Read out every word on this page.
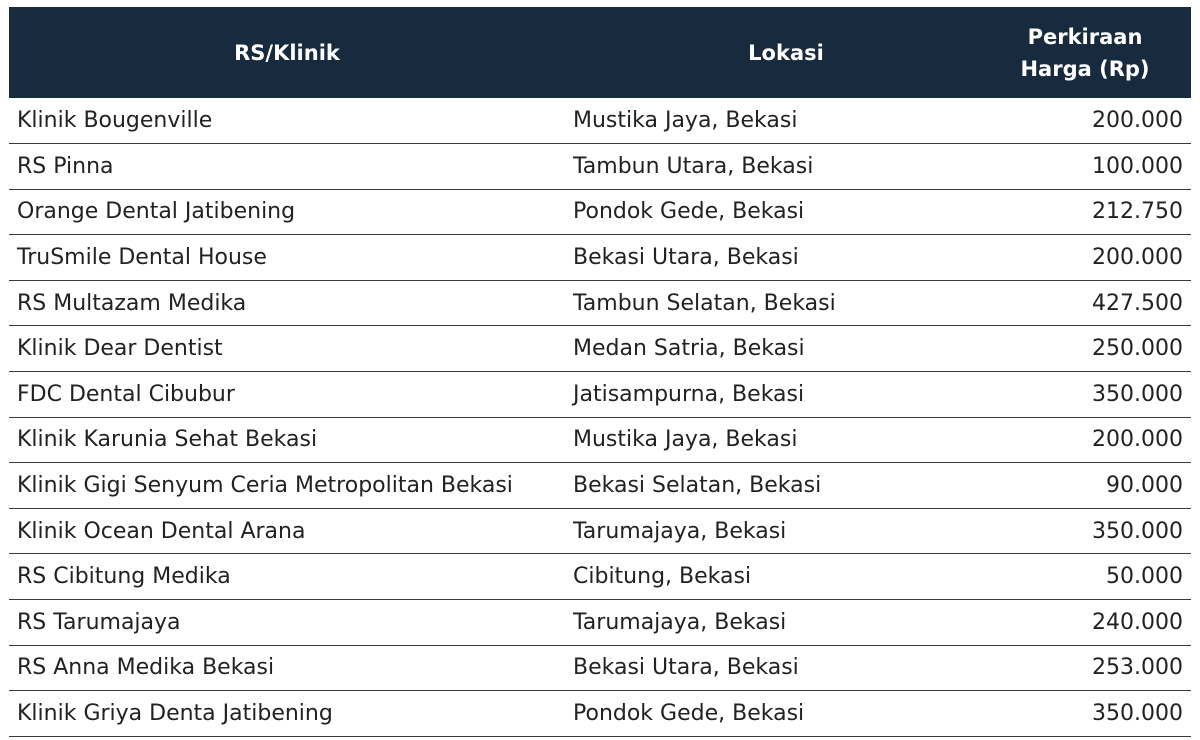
RS/Klinik	Lokasi	Perkiraan
Harga (Rp)

Klinik Bougenville	Mustika Jaya, Bekasi	200.000
RS Pinna	Tambun Utara, Bekasi	100.000
Orange Dental Jatibening	Pondok Gede, Bekasi	212.750
TruSmile Dental House	Bekasi Utara, Bekasi	200.000
RS Multazam Medika	Tambun Selatan, Bekasi	427.500
Klinik Dear Dentist	Medan Satria, Bekasi	250.000
FDC Dental Cibubur	Jatisampurna, Bekasi	350.000
Klinik Karunia Sehat Bekasi	Mustika Jaya, Bekasi	200.000
Klinik Gigi Senyum Ceria Metropolitan Bekasi	Bekasi Selatan, Bekasi	90.000
Klinik Ocean Dental Arana	Tarumajaya, Bekasi	350.000
RS Cibitung Medika	Cibitung, Bekasi	50.000
RS Tarumajaya	Tarumajaya, Bekasi	240.000
RS Anna Medika Bekasi	Bekasi Utara, Bekasi	253.000
Klinik Griya Denta Jatibening	Pondok Gede, Bekasi	350.000
